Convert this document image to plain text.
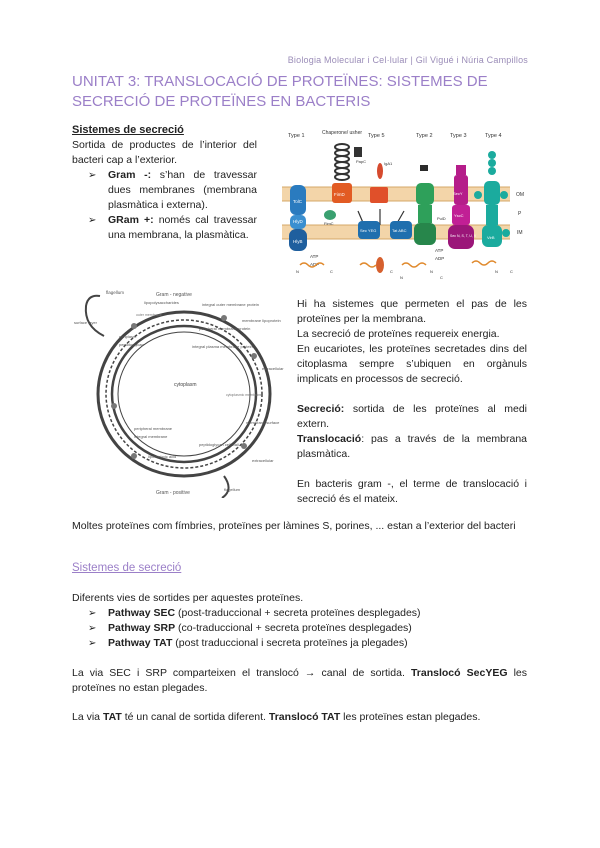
Biologia Molecular i Cel·lular | Gil Vigué i Núria Campillos
UNITAT 3: TRANSLOCACIÓ DE PROTEÏNES: SISTEMES DE SECRECIÓ DE PROTEÏNES EN BACTERIS
Sistemes de secreció
Sortida de productes de l’interior del bacteri cap a l’exterior.
➢ Gram -: s’han de travessar dues membranes (membrana plasmàtica i externa).
➢ GRam +: només cal travessar una membrana, la plasmàtica.
Type 1	Chaperone/ usher Type 5	Type 2	Type 3	Type 4
TolC
HlyD
HlyB
ATP
ADP
FimD
PapC
FimC
IgA1
Sec YEG	Tat ABC
PulD
SecY
YscC
Sec N, S, T, U, V
ATP
ADP
VirB
OM
P
IM
N	C	C
N
N
C
N	C
flagellum	Gram - negative
lipopolysaccharides
outer membrane
integral outer membrane protein
membrane lipoprotein
peripheral membrane protein
periplasm
peptidoglycan	integral plasma membrane protein
surface layer
cytoplasm
extracellular
cytoplasmic membrane
peripheral membrane
integral membrane
membrane surface
lipoteichoic acid
peptidoglycan cell wall
extracellular
Gram - positive
flagellum
Hi ha sistemes que permeten el pas de les proteïnes per la membrana.
La secreció de proteïnes requereix energia.
En eucariotes, les proteïnes secretades dins del citoplasma sempre s’ubiquen en orgànuls implicats en processos de secreció.
Secreció: sortida de les proteïnes al medi extern.
Translocació: pas a través de la membrana plasmàtica.
En bacteris gram -, el terme de translocació i secreció és el mateix.
Moltes proteïnes com fímbries, proteïnes per làmines S, porines, ... estan a l’exterior del bacteri
Sistemes de secreció
Diferents vies de sortides per aquestes proteïnes.
➢ Pathway SEC (post-traduccional + secreta proteïnes desplegades)
➢ Pathway SRP (co-traduccional + secreta proteïnes desplegades)
➢ Pathway TAT (post traduccional i secreta proteïnes ja plegades)
La via SEC i SRP comparteixen el translocó → canal de sortida. Translocó SecYEG les proteïnes no estan plegades.
La via TAT té un canal de sortida diferent. Translocó TAT les proteïnes estan plegades.
